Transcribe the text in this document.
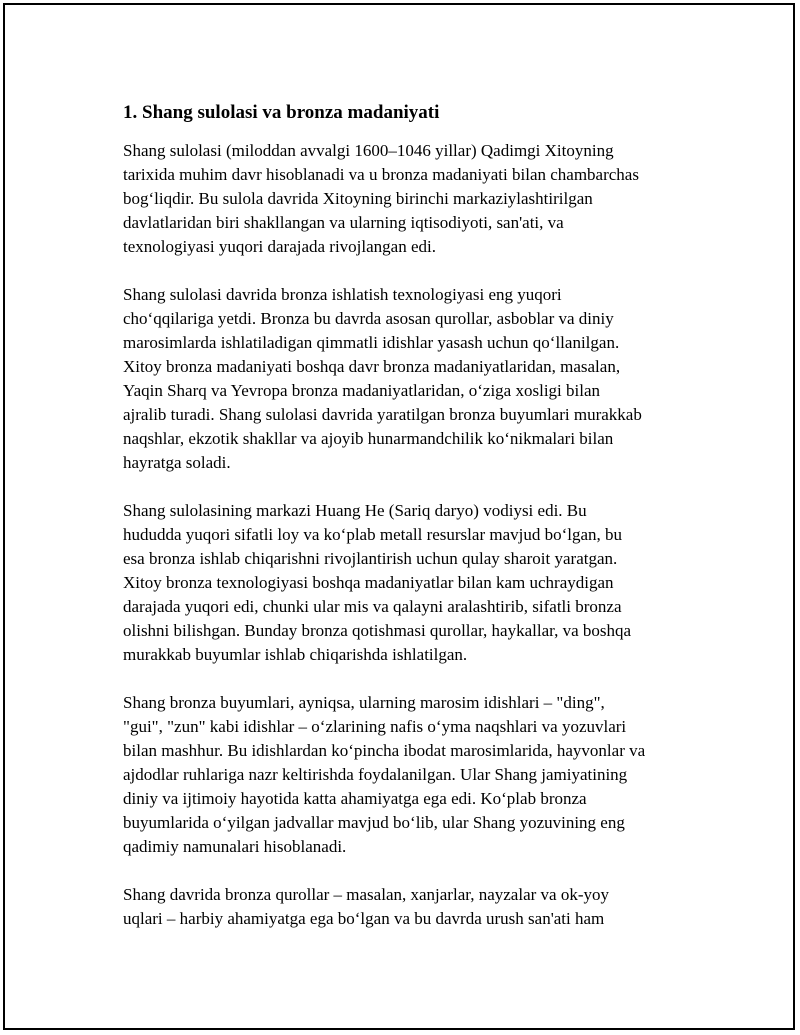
1. Shang sulolasi va bronza madaniyati
Shang sulolasi (miloddan avvalgi 1600–1046 yillar) Qadimgi Xitoyning
tarixida muhim davr hisoblanadi va u bronza madaniyati bilan chambarchas
bog‘liqdir. Bu sulola davrida Xitoyning birinchi markaziylashtirilgan
davlatlaridan biri shakllangan va ularning iqtisodiyoti, san'ati, va
texnologiyasi yuqori darajada rivojlangan edi.
Shang sulolasi davrida bronza ishlatish texnologiyasi eng yuqori
cho‘qqilariga yetdi. Bronza bu davrda asosan qurollar, asboblar va diniy
marosimlarda ishlatiladigan qimmatli idishlar yasash uchun qo‘llanilgan.
Xitoy bronza madaniyati boshqa davr bronza madaniyatlaridan, masalan,
Yaqin Sharq va Yevropa bronza madaniyatlaridan, o‘ziga xosligi bilan
ajralib turadi. Shang sulolasi davrida yaratilgan bronza buyumlari murakkab
naqshlar, ekzotik shakllar va ajoyib hunarmandchilik ko‘nikmalari bilan
hayratga soladi.
Shang sulolasining markazi Huang He (Sariq daryo) vodiysi edi. Bu
hududda yuqori sifatli loy va ko‘plab metall resurslar mavjud bo‘lgan, bu
esa bronza ishlab chiqarishni rivojlantirish uchun qulay sharoit yaratgan.
Xitoy bronza texnologiyasi boshqa madaniyatlar bilan kam uchraydigan
darajada yuqori edi, chunki ular mis va qalayni aralashtirib, sifatli bronza
olishni bilishgan. Bunday bronza qotishmasi qurollar, haykallar, va boshqa
murakkab buyumlar ishlab chiqarishda ishlatilgan.
Shang bronza buyumlari, ayniqsa, ularning marosim idishlari – "ding",
"gui", "zun" kabi idishlar – o‘zlarining nafis o‘yma naqshlari va yozuvlari
bilan mashhur. Bu idishlardan ko‘pincha ibodat marosimlarida, hayvonlar va
ajdodlar ruhlariga nazr keltirishda foydalanilgan. Ular Shang jamiyatining
diniy va ijtimoiy hayotida katta ahamiyatga ega edi. Ko‘plab bronza
buyumlarida o‘yilgan jadvallar mavjud bo‘lib, ular Shang yozuvining eng
qadimiy namunalari hisoblanadi.
Shang davrida bronza qurollar – masalan, xanjarlar, nayzalar va ok-yoy
uqlari – harbiy ahamiyatga ega bo‘lgan va bu davrda urush san'ati ham
